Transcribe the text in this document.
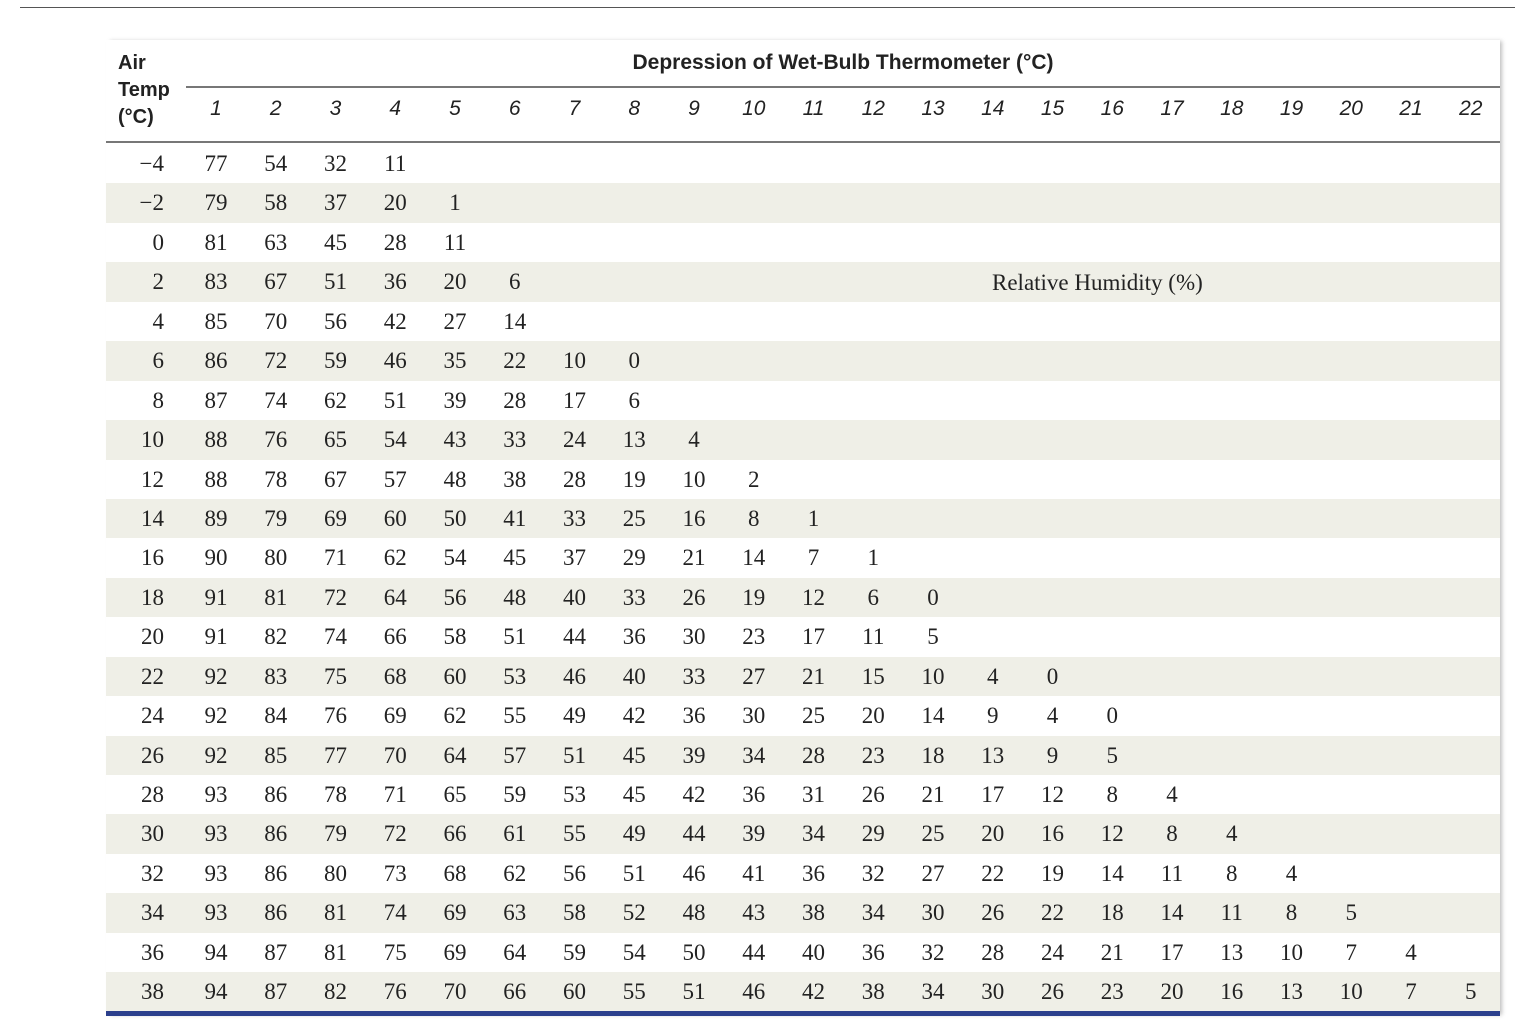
Air
Temp
(°C)
Depression of Wet-Bulb Thermometer (°C)
1	2	3	4	5	6	7	8	9	10	11	12	13	14	15	16	17	18	19	20	21	22
−4	77	54	32	11
−2	79	58	37	20	1
0	81	63	45	28	11
2	83	67	51	36	20	6
4	85	70	56	42	27	14
6	86	72	59	46	35	22	10	0
8	87	74	62	51	39	28	17	6
10	88	76	65	54	43	33	24	13	4
12	88	78	67	57	48	38	28	19	10	2
14	89	79	69	60	50	41	33	25	16	8	1
16	90	80	71	62	54	45	37	29	21	14	7	1
18	91	81	72	64	56	48	40	33	26	19	12	6	0
20	91	82	74	66	58	51	44	36	30	23	17	11	5
22	92	83	75	68	60	53	46	40	33	27	21	15	10	4	0
24	92	84	76	69	62	55	49	42	36	30	25	20	14	9	4	0
26	92	85	77	70	64	57	51	45	39	34	28	23	18	13	9	5
28	93	86	78	71	65	59	53	45	42	36	31	26	21	17	12	8	4
30	93	86	79	72	66	61	55	49	44	39	34	29	25	20	16	12	8	4
32	93	86	80	73	68	62	56	51	46	41	36	32	27	22	19	14	11	8	4
34	93	86	81	74	69	63	58	52	48	43	38	34	30	26	22	18	14	11	8	5
36	94	87	81	75	69	64	59	54	50	44	40	36	32	28	24	21	17	13	10	7	4
38	94	87	82	76	70	66	60	55	51	46	42	38	34	30	26	23	20	16	13	10	7	5
Relative Humidity (%)
